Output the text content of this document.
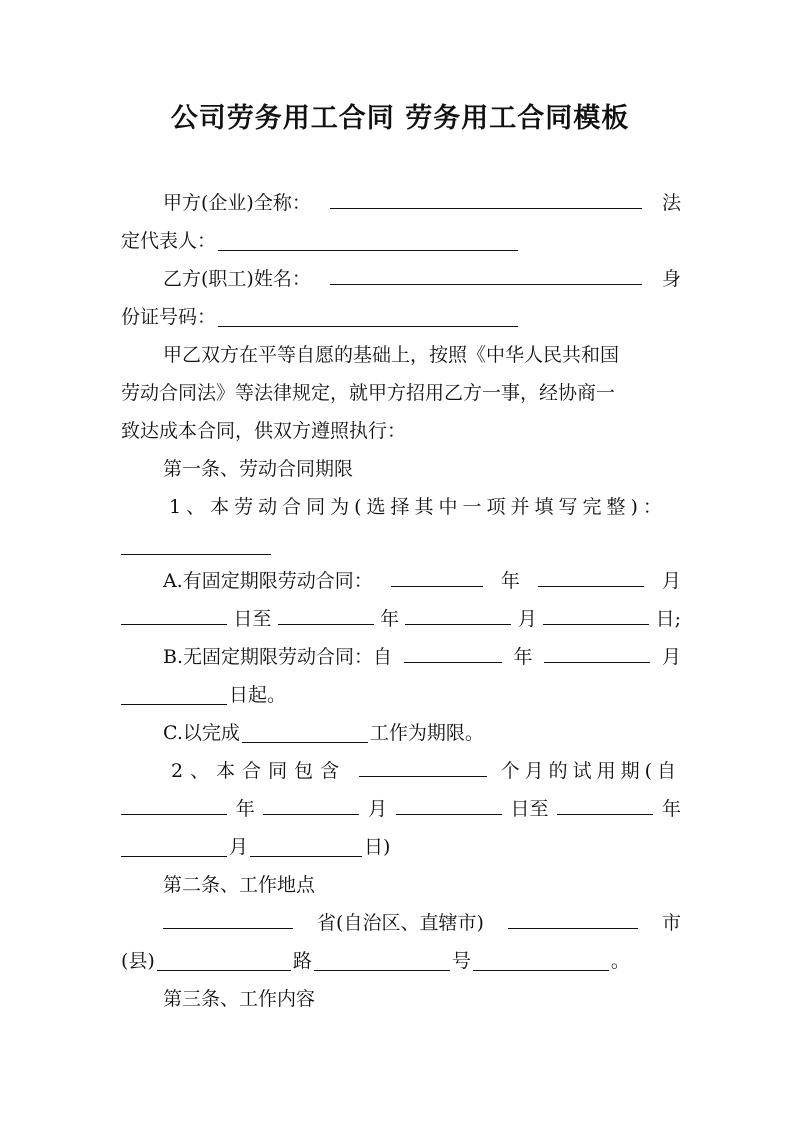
公司劳务用工合同 劳务用工合同模板
甲方(企业)全称：	法
定代表人：
乙方(职工)姓名：	身
份证号码：
甲乙双方在平等自愿的基础上，按照《中华人民共和国
劳动合同法》等法律规定，就甲方招用乙方一事，经协商一
致达成本合同，供双方遵照执行：
第一条、劳动合同期限
1、本劳动合同为(选择其中一项并填写完整)：
A.有固定期限劳动合同：	年	月
日至	年	月	日;
B.无固定期限劳动合同：自	年	月
日起。
C.以完成	工作为期限。
2、本合同包含	个月的试用期(自
年	月	日至	年
月	日)
第二条、工作地点
省(自治区、直辖市)	市
(县)	路	号	。
第三条、工作内容
